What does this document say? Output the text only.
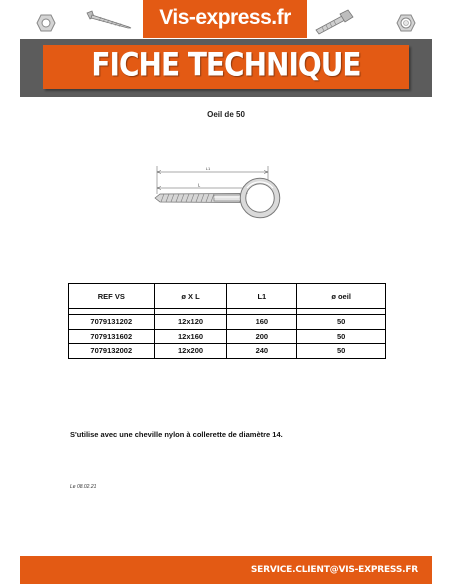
Vis-express.fr
FICHE TECHNIQUE
Oeil de 50
L1
L
REF VS	ø X L	L1	ø oeil

7079131202	12x120	160	50
7079131602	12x160	200	50
7079132002	12x200	240	50
S'utilise avec une cheville nylon à collerette de diamètre 14.
Le 08.02.21
SERVICE.CLIENT@VIS-EXPRESS.FR
